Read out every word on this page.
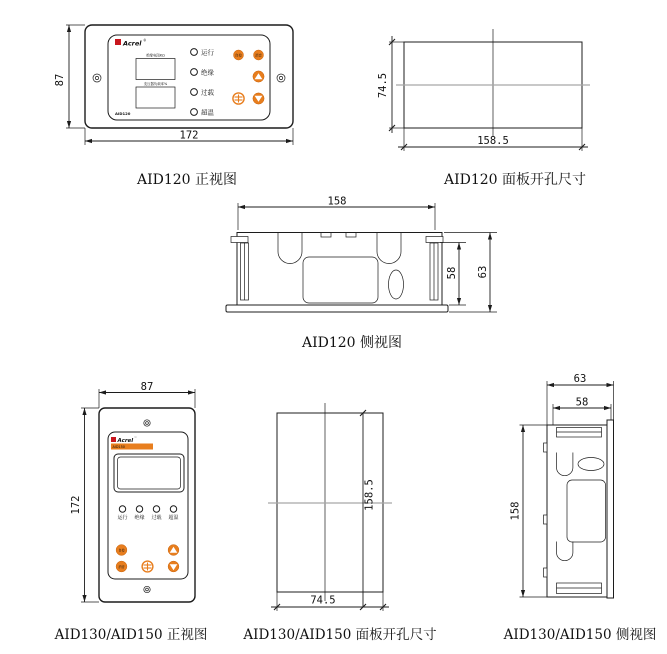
Acrel ®
绝缘电阻KΩ
变压器负载率%
运行
绝缘
过载
超温
自检	消音
AID120
87
172
AID120 正视图
74.5
158.5
AID120 面板开孔尺寸
158
58 63
AID120 侧视图
Acrel ™
AID150
运行 绝缘 过载 超温
自检
消音
87
172
AID130/AID150 正视图
158.5
74.5
AID130/AID150 面板开孔尺寸
63
58
158
AID130/AID150 侧视图
